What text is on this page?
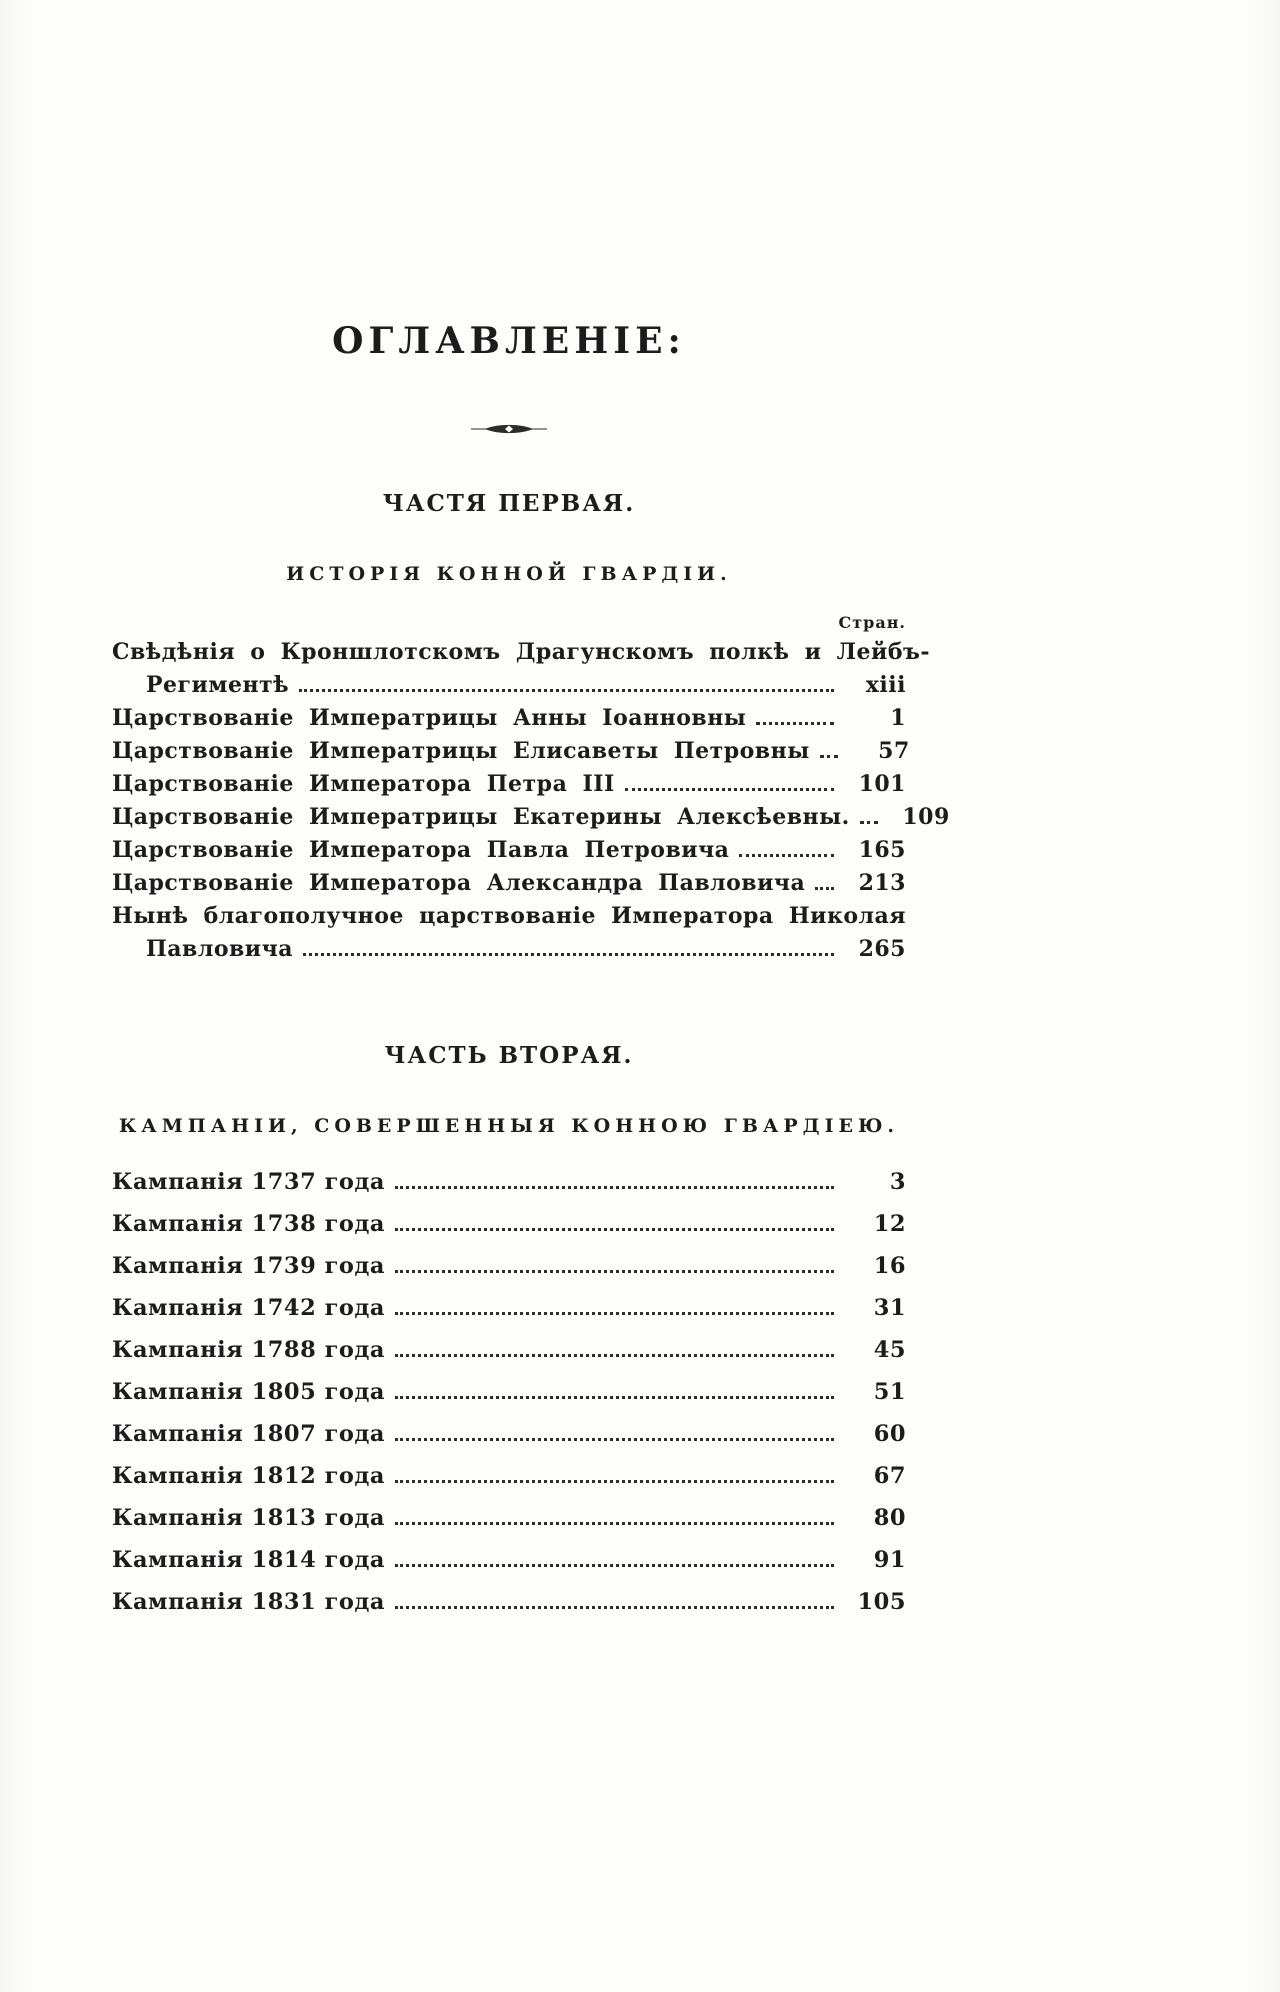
ОГЛАВЛЕНІЕ:
ЧАСТЯ ПЕРВАЯ.
ИСТОРІЯ КОННОЙ ГВАРДІИ.
Стран.
Свѣдѣнія о Кроншлотскомъ Драгунскомъ полкѣ и Лейбъ-
Региментѣ	xiii
Царствованіе Императрицы Анны Іоанновны	1
Царствованіе Императрицы Елисаветы Петровны	57
Царствованіе Императора Петра III	101
Царствованіе Императрицы Екатерины Алексѣевны.	109
Царствованіе Императора Павла Петровича	165
Царствованіе Императора Александра Павловича	213
Нынѣ благополучное царствованіе Императора Николая
Павловича	265
ЧАСТЬ ВТОРАЯ.
КАМПАНІИ, СОВЕРШЕННЫЯ КОННОЮ ГВАРДІЕЮ.
Кампанія 1737 года	3
Кампанія 1738 года	12
Кампанія 1739 года	16
Кампанія 1742 года	31
Кампанія 1788 года	45
Кампанія 1805 года	51
Кампанія 1807 года	60
Кампанія 1812 года	67
Кампанія 1813 года	80
Кампанія 1814 года	91
Кампанія 1831 года	105
